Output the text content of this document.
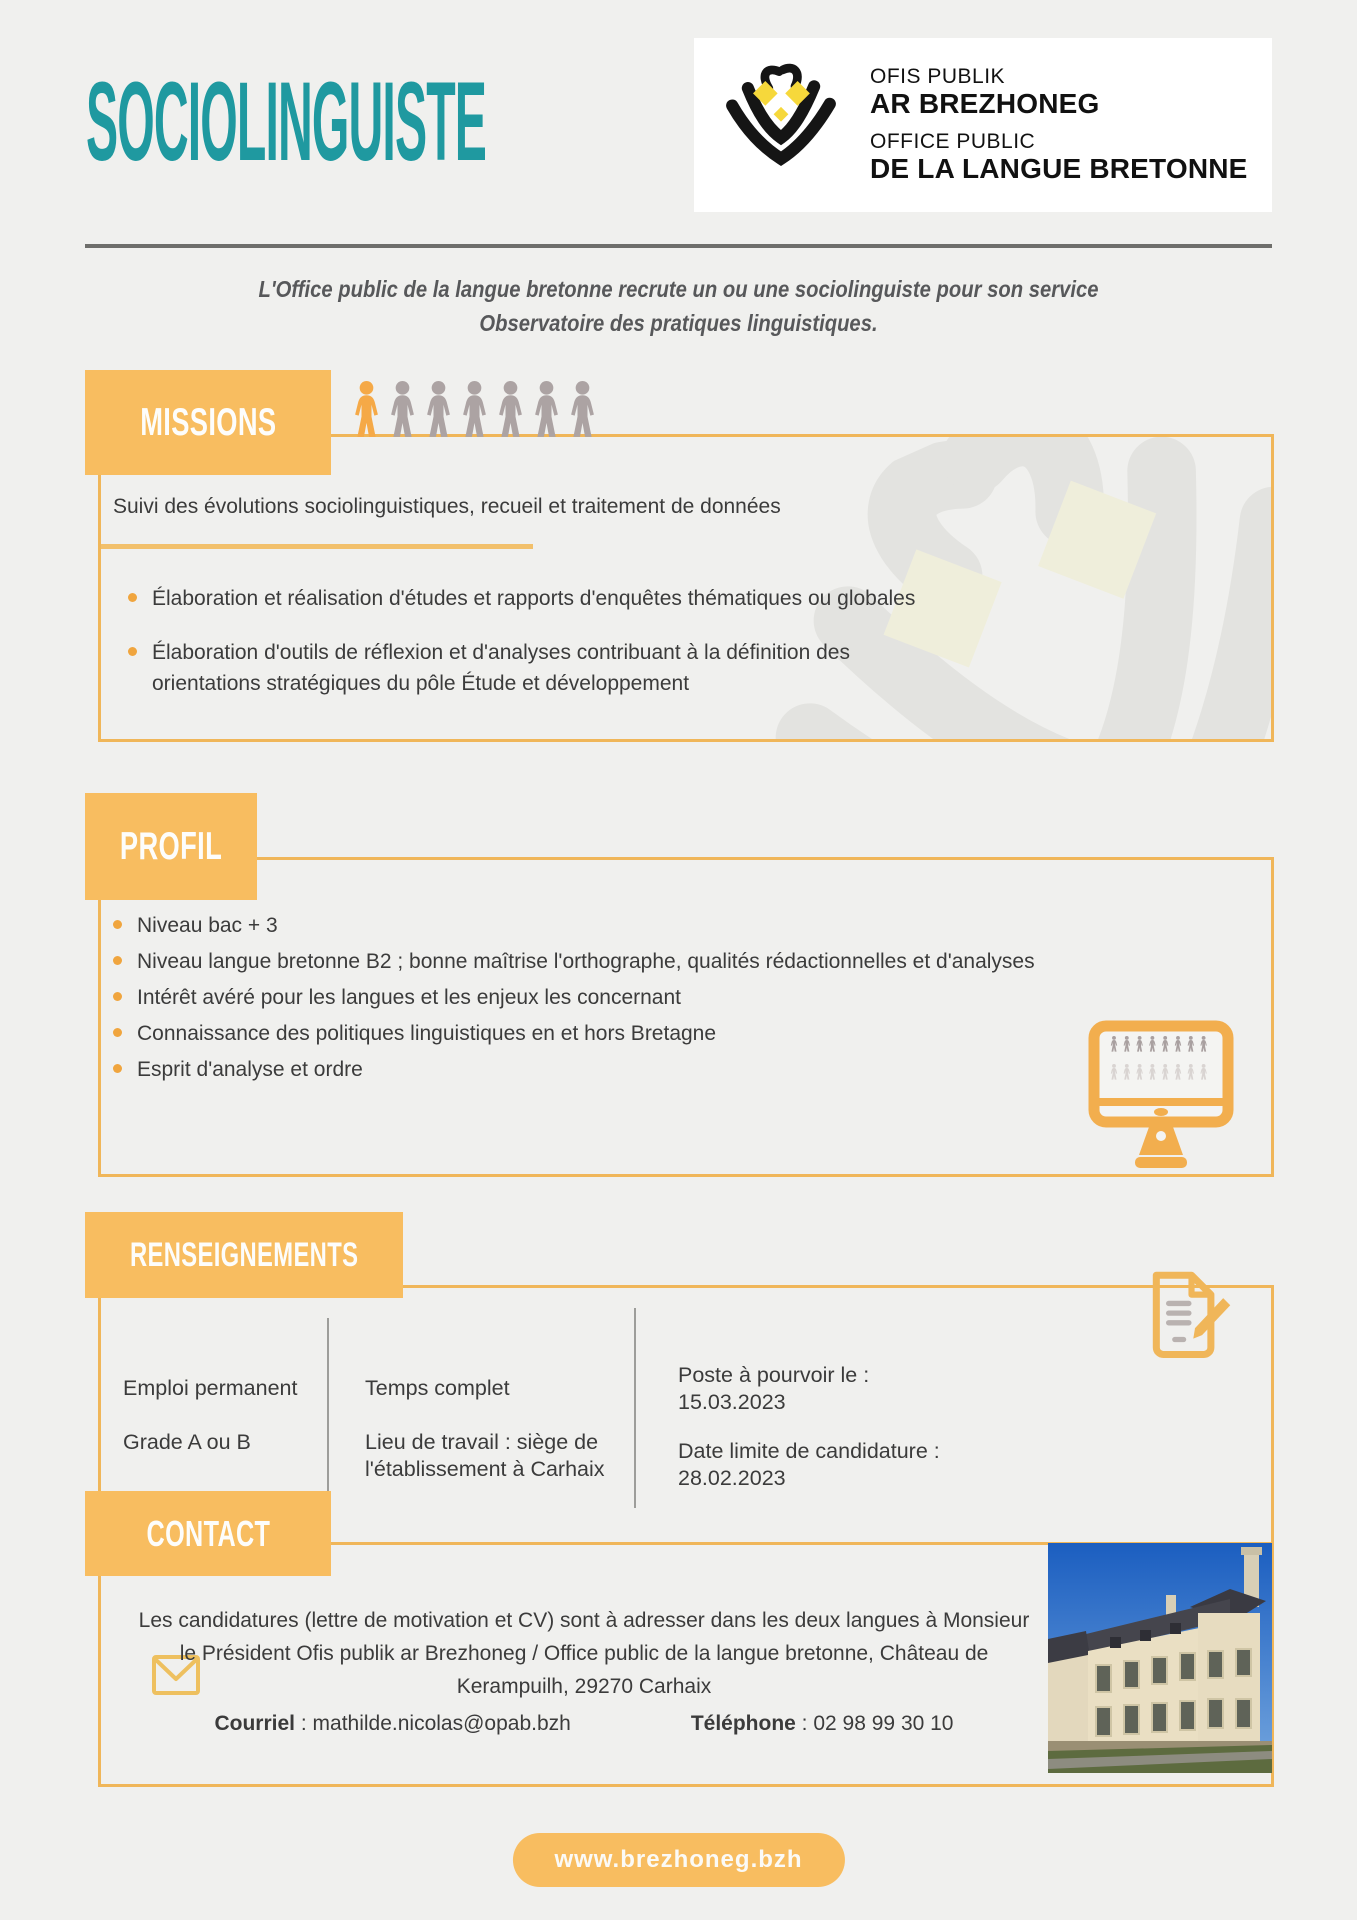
SOCIOLINGUISTE	OFIS PUBLIK
AR BREZHONEG
OFFICE PUBLIC
DE LA LANGUE BRETONNE
L'Office public de la langue bretonne recrute un ou une sociolinguiste pour son service
Observatoire des pratiques linguistiques.
MISSIONS
Suivi des évolutions sociolinguistiques, recueil et traitement de données
Élaboration et réalisation d'études et rapports d'enquêtes thématiques ou globales
Élaboration d'outils de réflexion et d'analyses contribuant à la définition des orientations stratégiques du pôle Étude et développement
PROFIL
Niveau bac + 3
Niveau langue bretonne B2 ; bonne maîtrise l'orthographe, qualités rédactionnelles et d'analyses
Intérêt avéré pour les langues et les enjeux les concernant
Connaissance des politiques linguistiques en et hors Bretagne
Esprit d'analyse et ordre
RENSEIGNEMENTS
Emploi permanent
Grade A ou B
Temps complet
Lieu de travail : siège de l'établissement à Carhaix
Poste à pourvoir le : 15.03.2023
Date limite de candidature : 28.02.2023
CONTACT
Les candidatures (lettre de motivation et CV) sont à adresser dans les deux langues à Monsieur le Président Ofis publik ar Brezhoneg / Office public de la langue bretonne, Château de Kerampuilh, 29270 Carhaix
Courriel : mathilde.nicolas@opab.bzh	Téléphone : 02 98 99 30 10
www.brezhoneg.bzh
